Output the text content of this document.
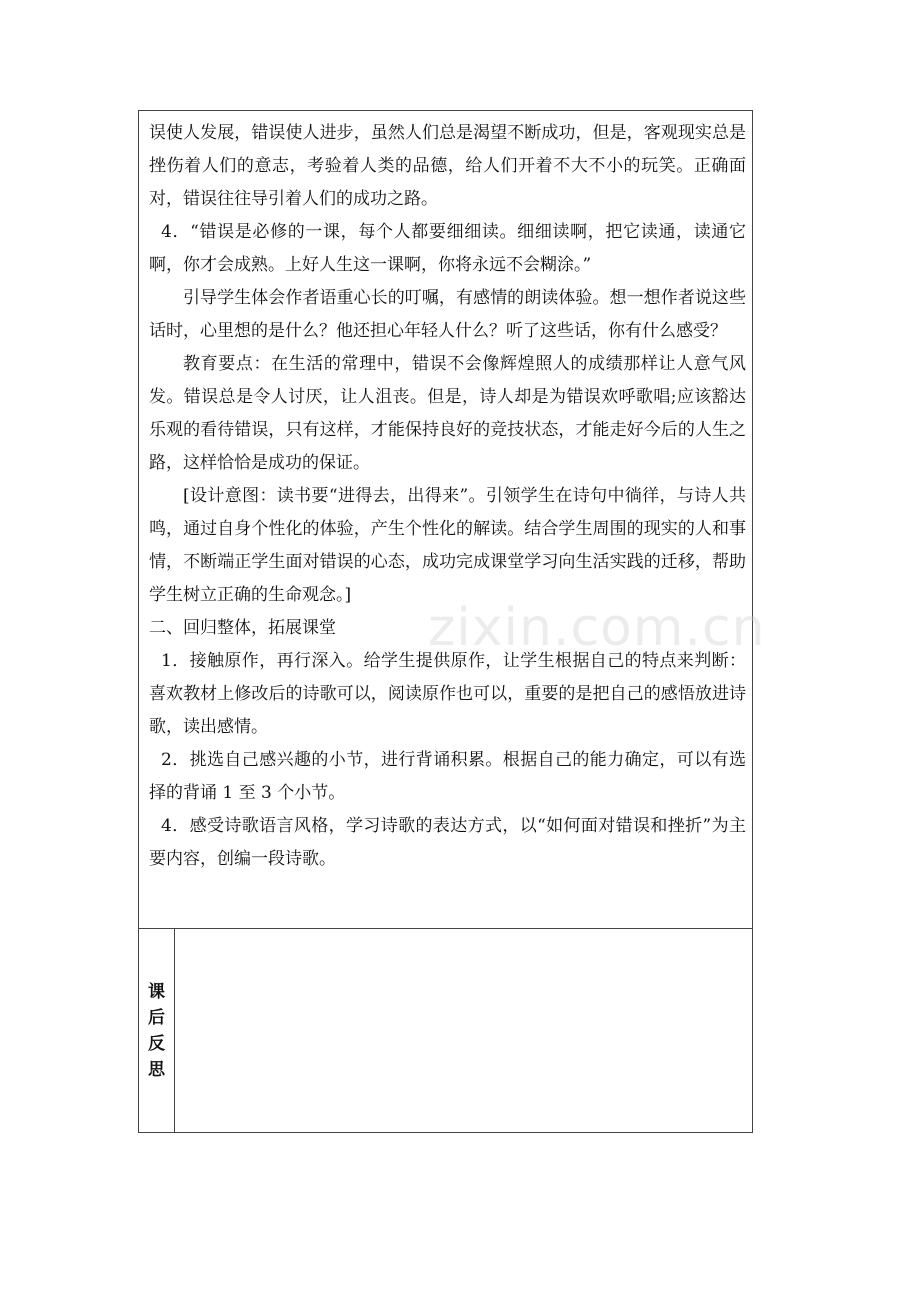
误使人发展，错误使人进步，虽然人们总是渴望不断成功，但是，客观现实总是挫伤着人们的意志，考验着人类的品德，给人们开着不大不小的玩笑。正确面对，错误往往导引着人们的成功之路。

4．“错误是必修的一课，每个人都要细细读。细细读啊，把它读通，读通它啊，你才会成熟。上好人生这一课啊，你将永远不会糊涂。”

引导学生体会作者语重心长的叮嘱，有感情的朗读体验。想一想作者说这些话时，心里想的是什么？他还担心年轻人什么？听了这些话，你有什么感受？

教育要点：在生活的常理中，错误不会像辉煌照人的成绩那样让人意气风发。错误总是令人讨厌，让人沮丧。但是，诗人却是为错误欢呼歌唱;应该豁达乐观的看待错误，只有这样，才能保持良好的竞技状态，才能走好今后的人生之路，这样恰恰是成功的保证。

[设计意图：读书要“进得去，出得来”。引领学生在诗句中徜徉，与诗人共鸣，通过自身个性化的体验，产生个性化的解读。结合学生周围的现实的人和事情，不断端正学生面对错误的心态，成功完成课堂学习向生活实践的迁移，帮助学生树立正确的生命观念。]

二、回归整体，拓展课堂

1．接触原作，再行深入。给学生提供原作，让学生根据自己的特点来判断：喜欢教材上修改后的诗歌可以，阅读原作也可以，重要的是把自己的感悟放进诗歌，读出感情。

2．挑选自己感兴趣的小节，进行背诵积累。根据自己的能力确定，可以有选择的背诵 1 至 3 个小节。

4．感受诗歌语言风格，学习诗歌的表达方式，以“如何面对错误和挫折”为主要内容，创编一段诗歌。

课后反思
zixin.com.cn
